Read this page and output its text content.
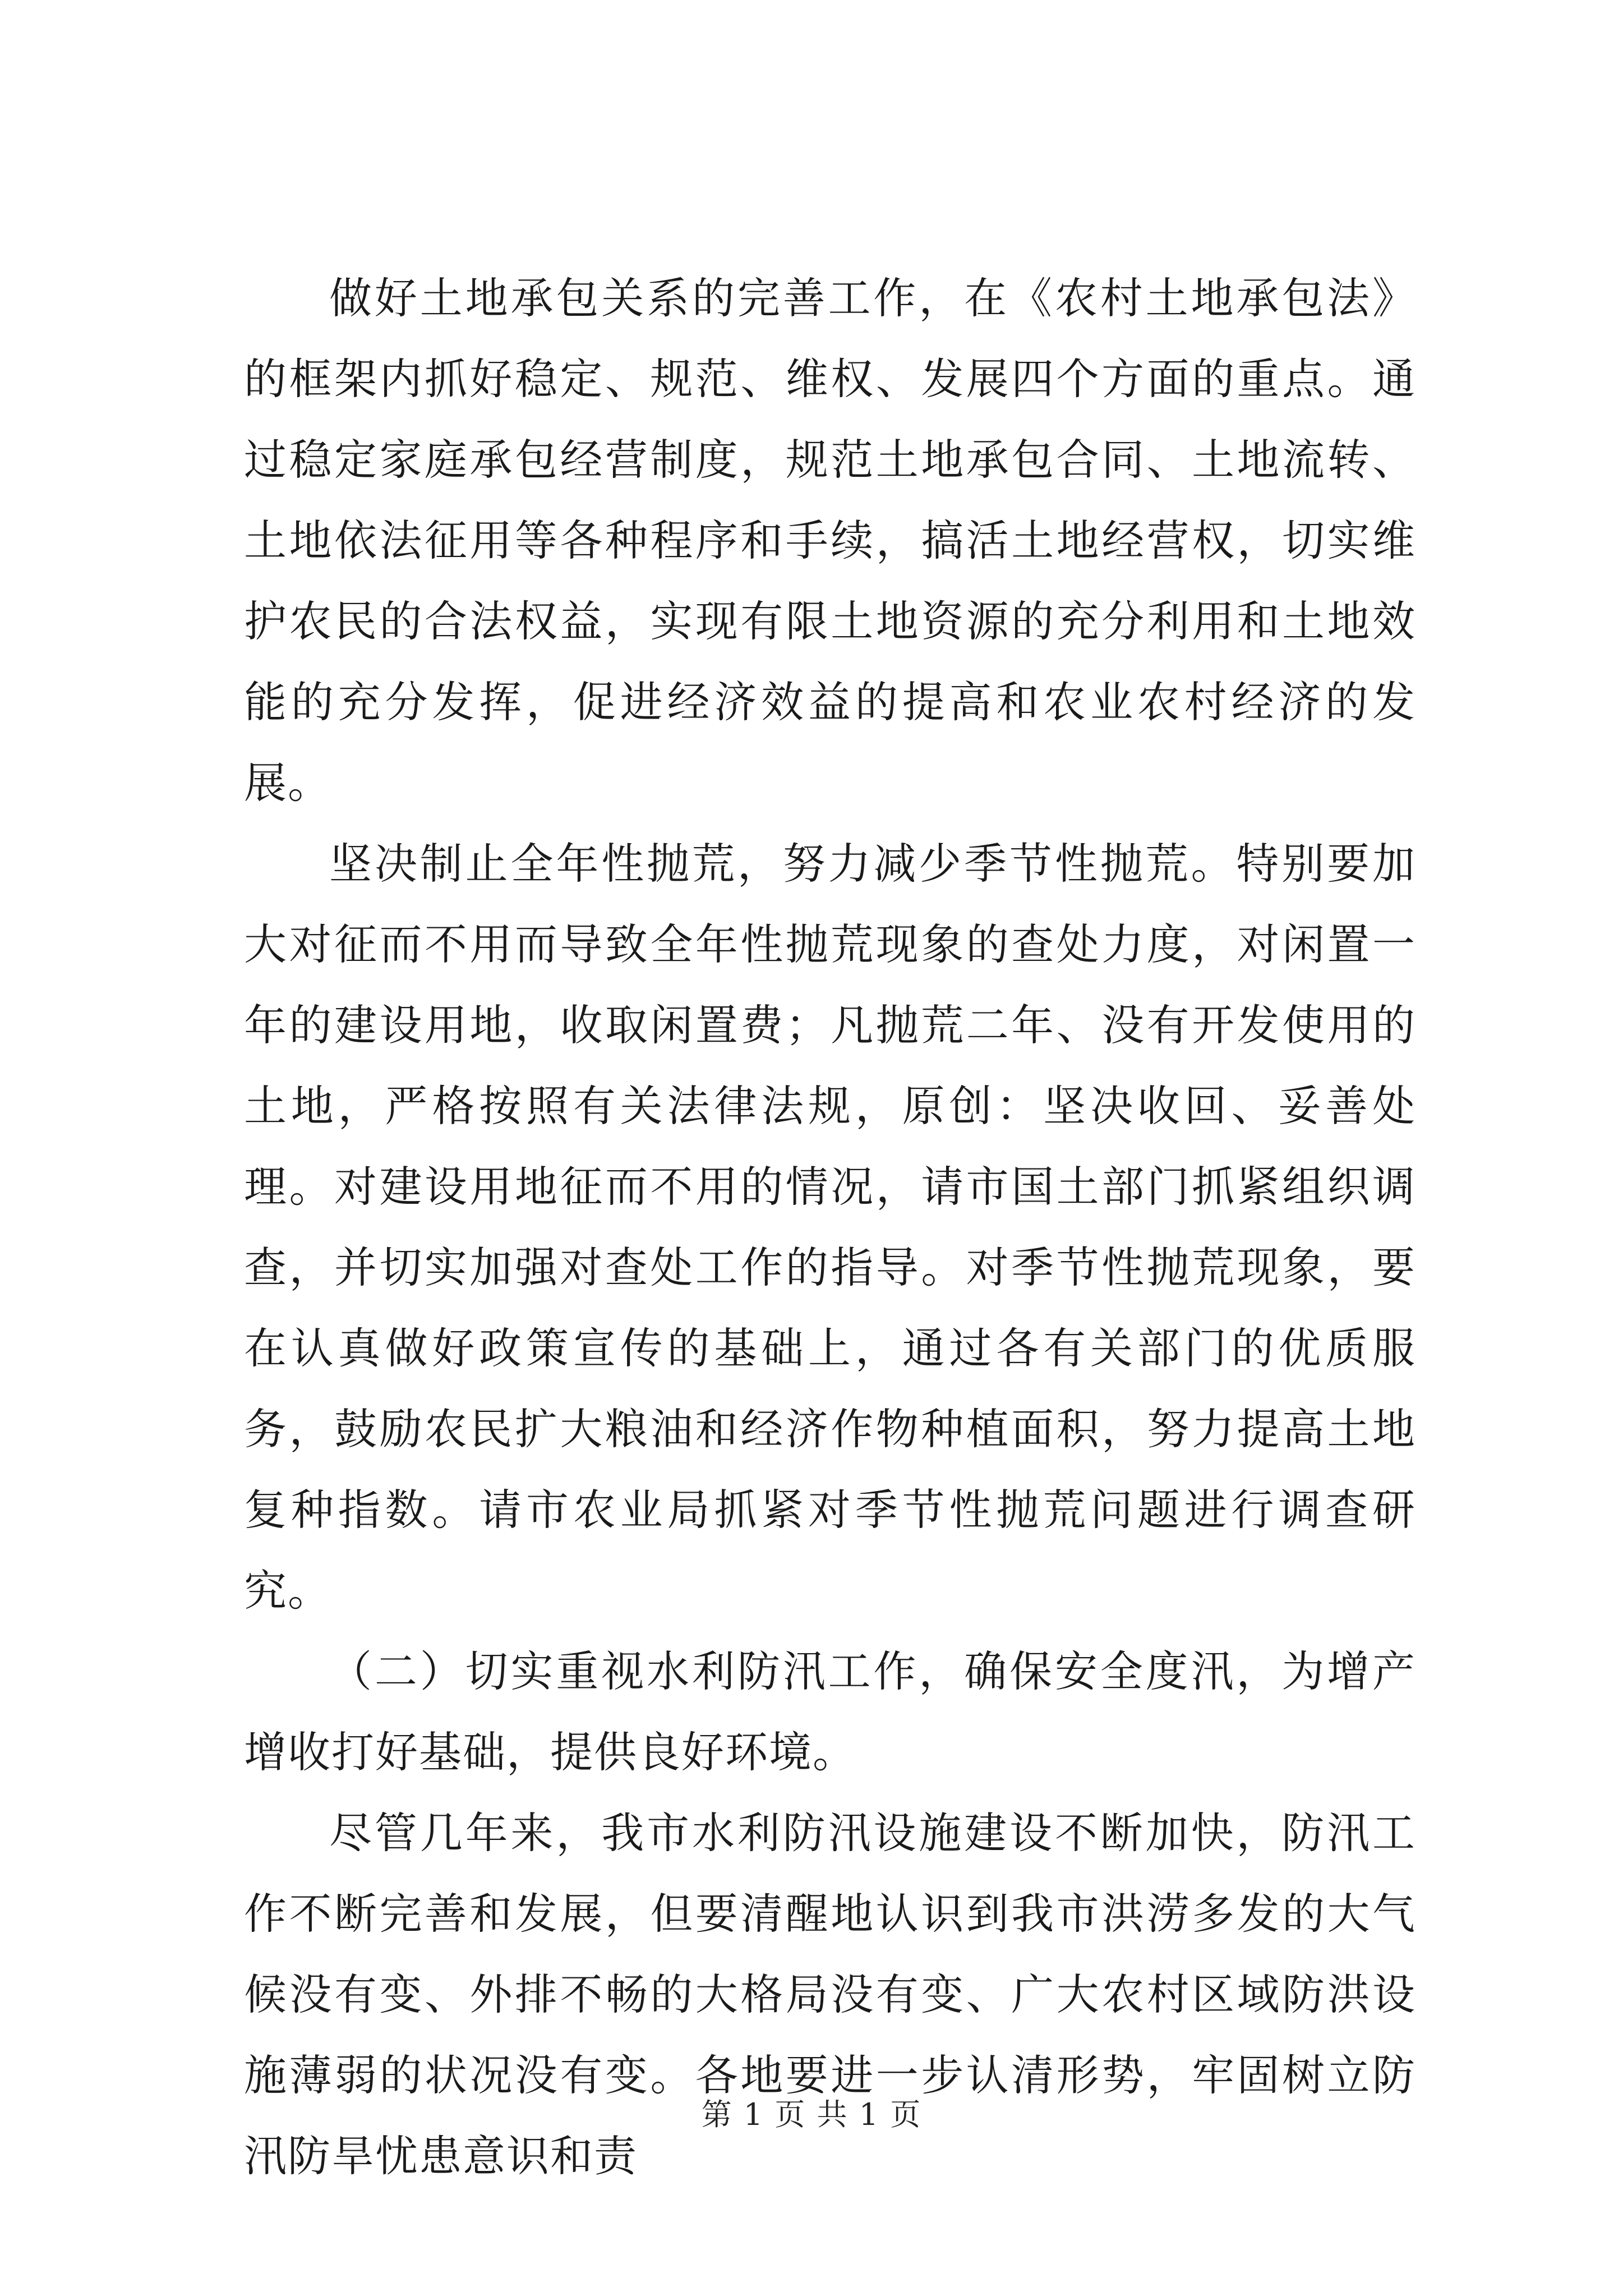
做好土地承包关系的完善工作，在《农村土地承包法》的框架内抓好稳定、规范、维权、发展四个方面的重点。通过稳定家庭承包经营制度，规范土地承包合同、土地流转、土地依法征用等各种程序和手续，搞活土地经营权，切实维护农民的合法权益，实现有限土地资源的充分利用和土地效能的充分发挥，促进经济效益的提高和农业农村经济的发展。

坚决制止全年性抛荒，努力减少季节性抛荒。特别要加大对征而不用而导致全年性抛荒现象的查处力度，对闲置一年的建设用地，收取闲置费；凡抛荒二年、没有开发使用的土地，严格按照有关法律法规，原创：坚决收回、妥善处理。对建设用地征而不用的情况，请市国土部门抓紧组织调查，并切实加强对查处工作的指导。对季节性抛荒现象，要在认真做好政策宣传的基础上，通过各有关部门的优质服务，鼓励农民扩大粮油和经济作物种植面积，努力提高土地复种指数。请市农业局抓紧对季节性抛荒问题进行调查研究。

（二）切实重视水利防汛工作，确保安全度汛，为增产增收打好基础，提供良好环境。

尽管几年来，我市水利防汛设施建设不断加快，防汛工作不断完善和发展，但要清醒地认识到我市洪涝多发的大气候没有变、外排不畅的大格局没有变、广大农村区域防洪设施薄弱的状况没有变。各地要进一步认清形势，牢固树立防汛防旱忧患意识和责

第 1 页 共 1 页
